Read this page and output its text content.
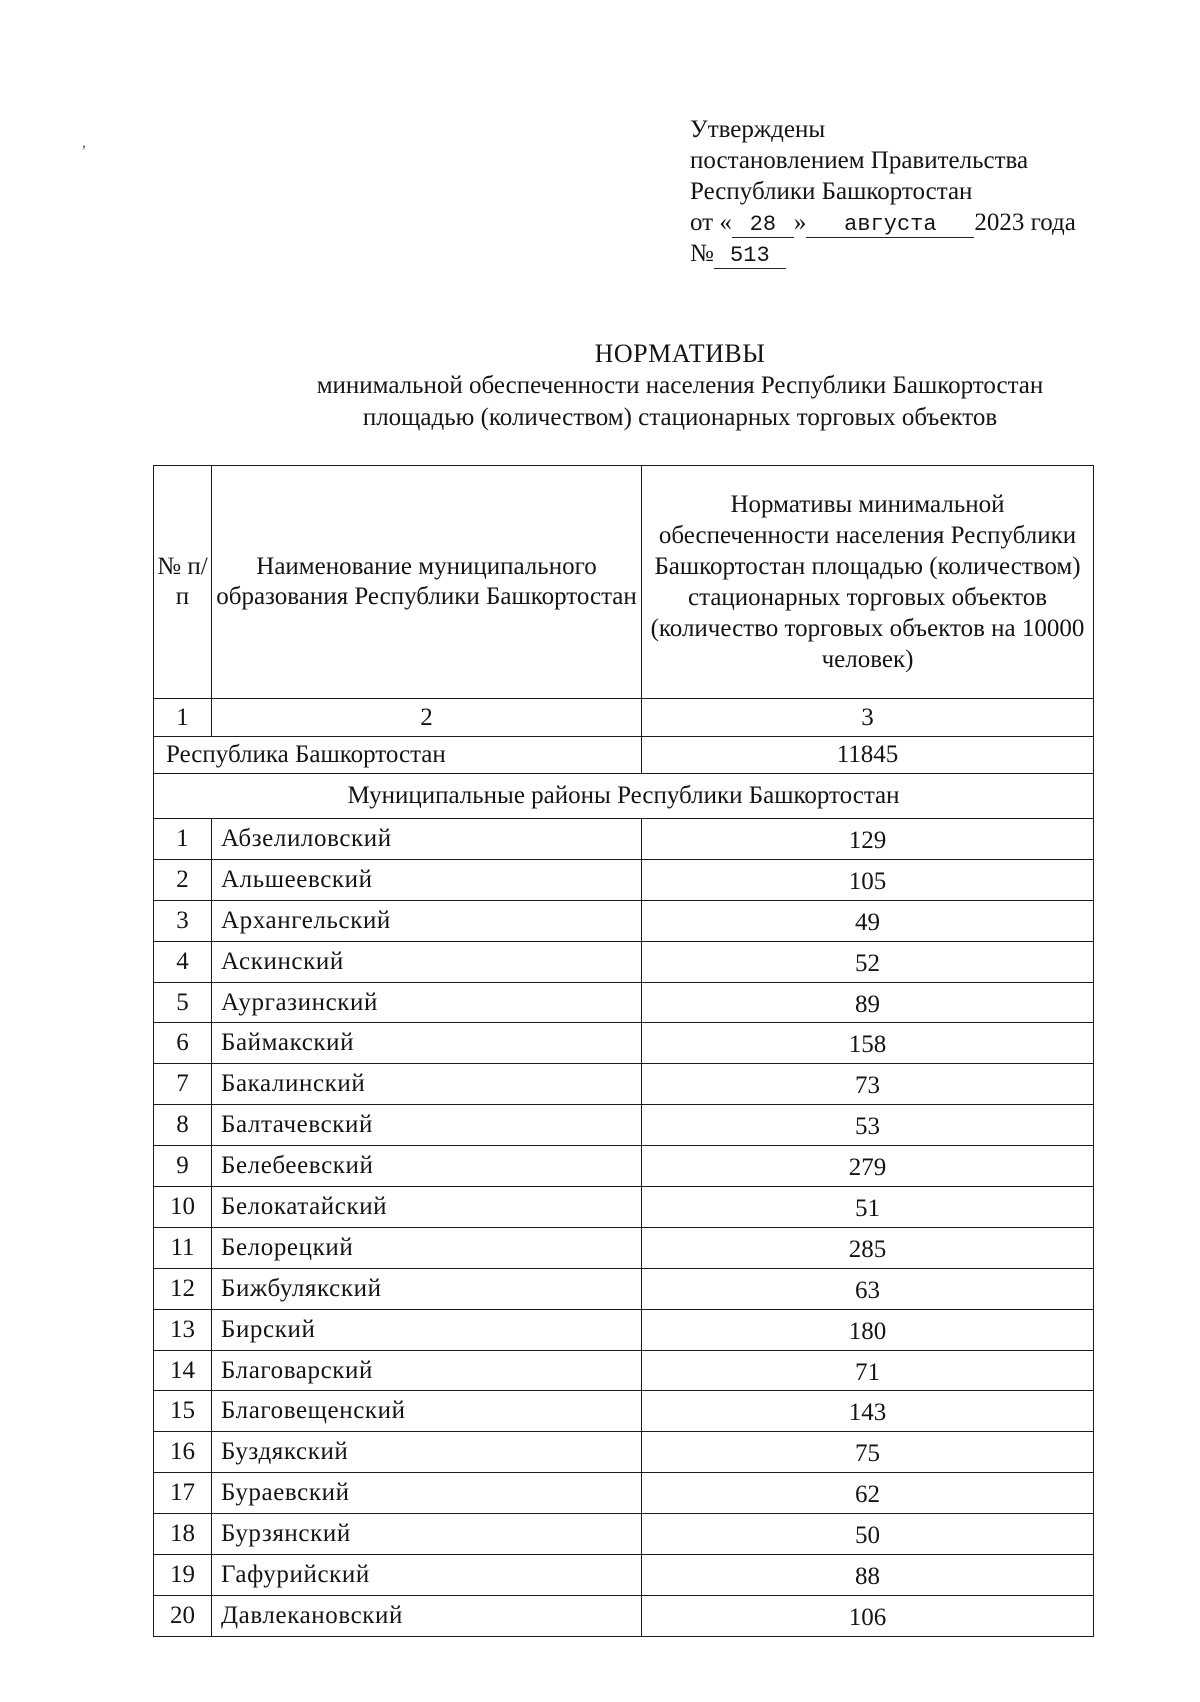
,	Утверждены
постановлением Правительства
Республики Башкортостан
от « 28 » августа 2023 года
№ 513
НОРМАТИВЫ
минимальной обеспеченности населения Республики Башкортостан
площадью (количеством) стационарных торговых объектов
№ п/п	Наименование муниципального образования Республики Башкортостан	Нормативы минимальной обеспеченности населения Республики Башкортостан площадью (количеством) стационарных торговых объектов (количество торговых объектов на 10000 человек)
1	2	3
Республика Башкортостан		11845
Муниципальные районы Республики Башкортостан		
1	Абзелиловский	129
2	Альшеевский	105
3	Архангельский	49
4	Аскинский	52
5	Аургазинский	89
6	Баймакский	158
7	Бакалинский	73
8	Балтачевский	53
9	Белебеевский	279
10	Белокатайский	51
11	Белорецкий	285
12	Бижбулякский	63
13	Бирский	180
14	Благоварский	71
15	Благовещенский	143
16	Буздякский	75
17	Бураевский	62
18	Бурзянский	50
19	Гафурийский	88
20	Давлекановский	106
